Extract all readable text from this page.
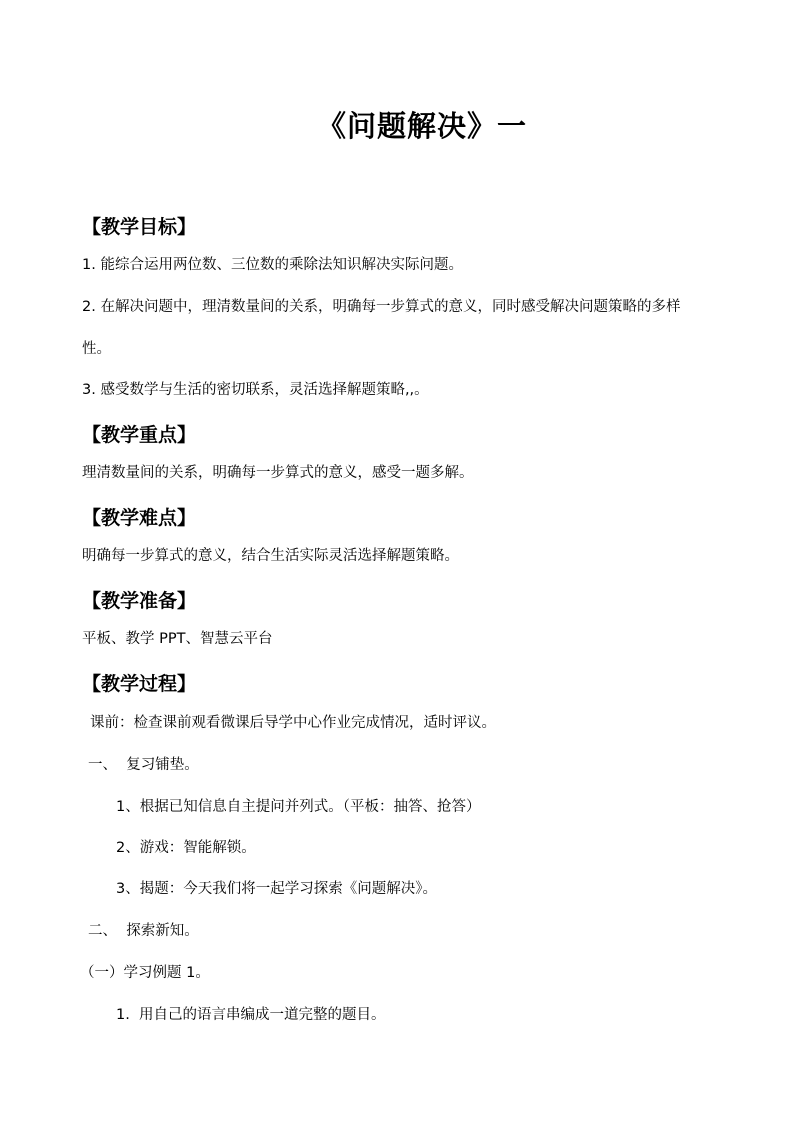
《问题解决》一
【教学目标】
1. 能综合运用两位数、三位数的乘除法知识解决实际问题。
2. 在解决问题中，理清数量间的关系，明确每一步算式的意义，同时感受解决问题策略的多样
性。
3. 感受数学与生活的密切联系，灵活选择解题策略,,。
【教学重点】
理清数量间的关系，明确每一步算式的意义，感受一题多解。
【教学难点】
明确每一步算式的意义，结合生活实际灵活选择解题策略。
【教学准备】
平板、教学 PPT、智慧云平台
【教学过程】
课前：检查课前观看微课后导学中心作业完成情况，适时评议。
一、  复习铺垫。
1、根据已知信息自主提问并列式。（平板：抽答、抢答）
2、游戏：智能解锁。
3、揭题：今天我们将一起学习探索《问题解决》。
二、  探索新知。
（一）学习例题 1。
1.  用自己的语言串编成一道完整的题目。
